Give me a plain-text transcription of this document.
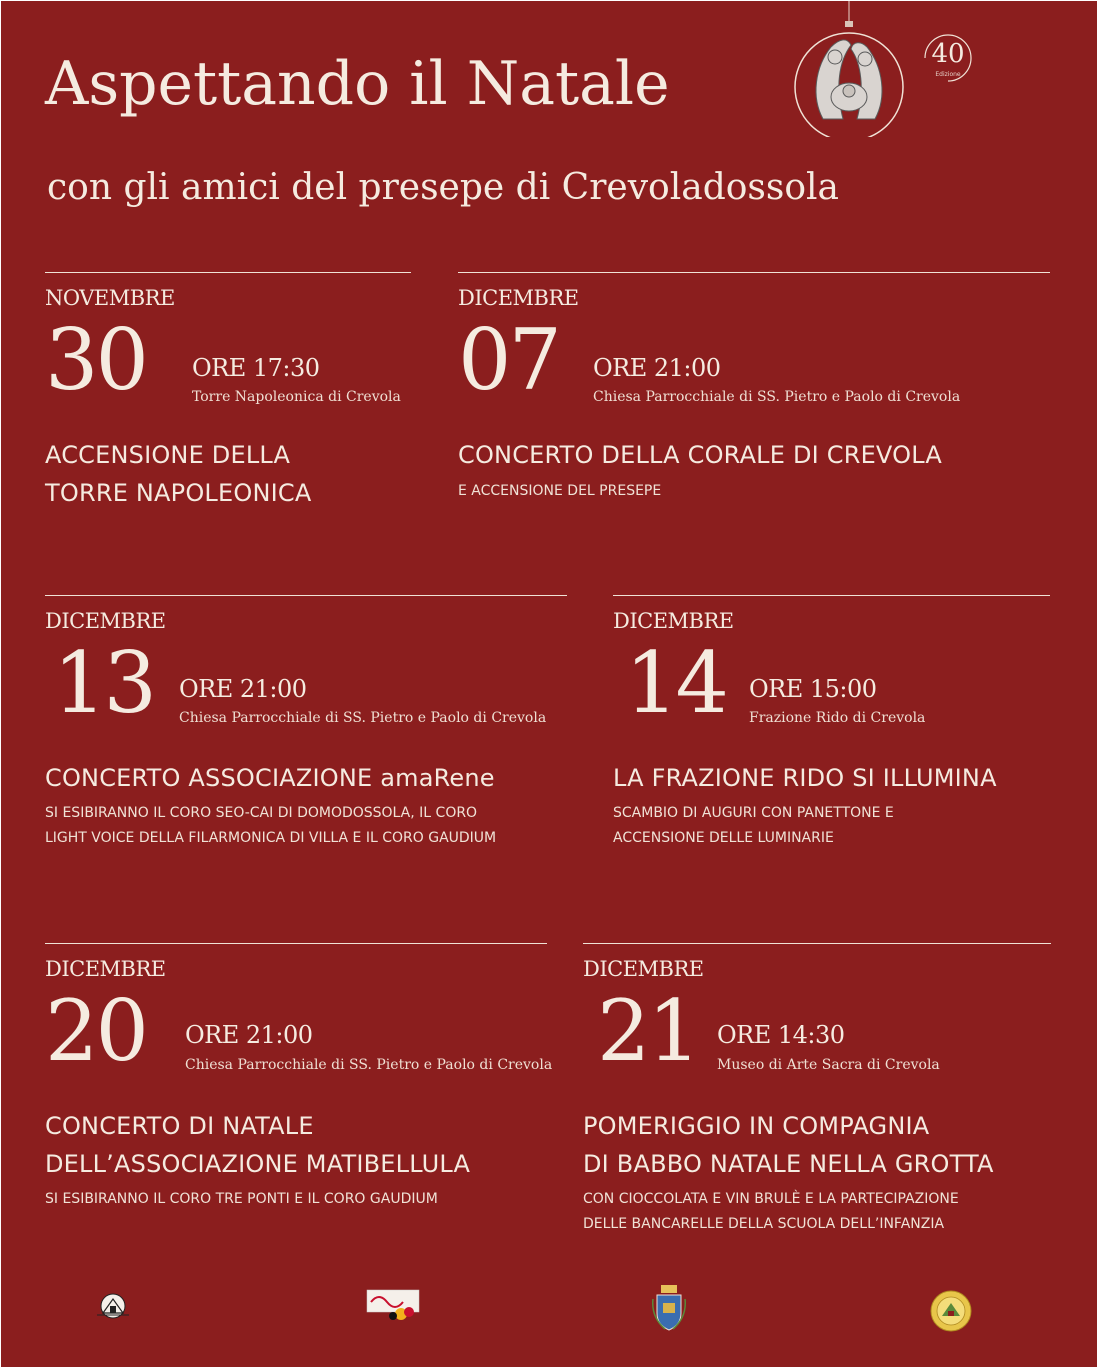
Aspettando il Natale
con gli amici del presepe di Crevoladossola
40
Edizione
NOVEMBRE
30 ORE 17:30
Torre Napoleonica di Crevola
ACCENSIONE DELLA
TORRE NAPOLEONICA
DICEMBRE
07 ORE 21:00
Chiesa Parrocchiale di SS. Pietro e Paolo di Crevola
CONCERTO DELLA CORALE DI CREVOLA
E ACCENSIONE DEL PRESEPE
DICEMBRE
13 ORE 21:00
Chiesa Parrocchiale di SS. Pietro e Paolo di Crevola
CONCERTO ASSOCIAZIONE amaRene
SI ESIBIRANNO IL CORO SEO-CAI DI DOMODOSSOLA, IL CORO
LIGHT VOICE DELLA FILARMONICA DI VILLA E IL CORO GAUDIUM
DICEMBRE
14 ORE 15:00
Frazione Rido di Crevola
LA FRAZIONE RIDO SI ILLUMINA
SCAMBIO DI AUGURI CON PANETTONE E
ACCENSIONE DELLE LUMINARIE
DICEMBRE
20 ORE 21:00
Chiesa Parrocchiale di SS. Pietro e Paolo di Crevola
CONCERTO DI NATALE
DELL’ASSOCIAZIONE MATIBELLULA
SI ESIBIRANNO IL CORO TRE PONTI E IL CORO GAUDIUM
DICEMBRE
21 ORE 14:30
Museo di Arte Sacra di Crevola
POMERIGGIO IN COMPAGNIA
DI BABBO NATALE NELLA GROTTA
CON CIOCCOLATA E VIN BRULÈ E LA PARTECIPAZIONE
DELLE BANCARELLE DELLA SCUOLA DELL’INFANZIA
